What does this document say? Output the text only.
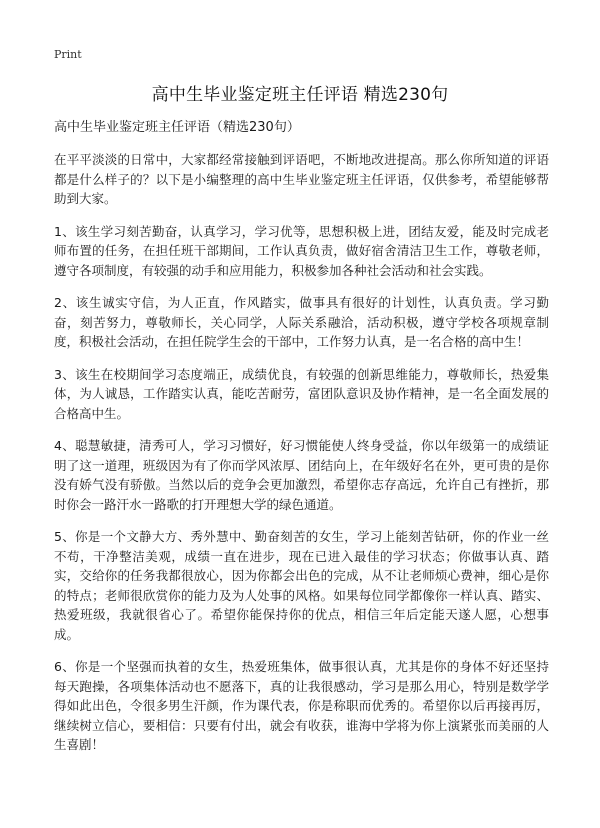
Print
高中生毕业鉴定班主任评语 精选230句

高中生毕业鉴定班主任评语（精选230句）

在平平淡淡的日常中，大家都经常接触到评语吧，不断地改进提高。那么你所知道的评语都是什么样子的？以下是小编整理的高中生毕业鉴定班主任评语，仅供参考，希望能够帮助到大家。

1、该生学习刻苦勤奋，认真学习，学习优等，思想积极上进，团结友爱，能及时完成老师布置的任务，在担任班干部期间，工作认真负责，做好宿舍清洁卫生工作，尊敬老师，遵守各项制度，有较强的动手和应用能力，积极参加各种社会活动和社会实践。

2、该生诚实守信，为人正直，作风踏实，做事具有很好的计划性，认真负责。学习勤奋，刻苦努力，尊敬师长，关心同学，人际关系融洽，活动积极，遵守学校各项规章制度，积极社会活动，在担任院学生会的干部中，工作努力认真，是一名合格的高中生！

3、该生在校期间学习态度端正，成绩优良，有较强的创新思维能力，尊敬师长，热爱集体，为人诚恳，工作踏实认真，能吃苦耐劳，富团队意识及协作精神，是一名全面发展的合格高中生。

4、聪慧敏捷，清秀可人，学习习惯好，好习惯能使人终身受益，你以年级第一的成绩证明了这一道理，班级因为有了你而学风浓厚、团结向上，在年级好名在外，更可贵的是你没有娇气没有骄傲。当然以后的竞争会更加激烈，希望你志存高远，允许自己有挫折，那时你会一路汗水一路歌的打开理想大学的绿色通道。

5、你是一个文静大方、秀外慧中、勤奋刻苦的女生，学习上能刻苦钻研，你的作业一丝不苟，干净整洁美观，成绩一直在进步，现在已进入最佳的学习状态；你做事认真、踏实，交给你的任务我都很放心，因为你都会出色的完成，从不让老师烦心费神，细心是你的特点；老师很欣赏你的能力及为人处事的风格。如果每位同学都像你一样认真、踏实、热爱班级，我就很省心了。希望你能保持你的优点，相信三年后定能天遂人愿，心想事成。

6、你是一个坚强而执着的女生，热爱班集体，做事很认真，尤其是你的身体不好还坚持每天跑操，各项集体活动也不愿落下，真的让我很感动，学习是那么用心，特别是数学学得如此出色，令很多男生汗颜，作为课代表，你是称职而优秀的。希望你以后再接再厉，继续树立信心，要相信：只要有付出，就会有收获，谁海中学将为你上演紧张而美丽的人生喜剧！
